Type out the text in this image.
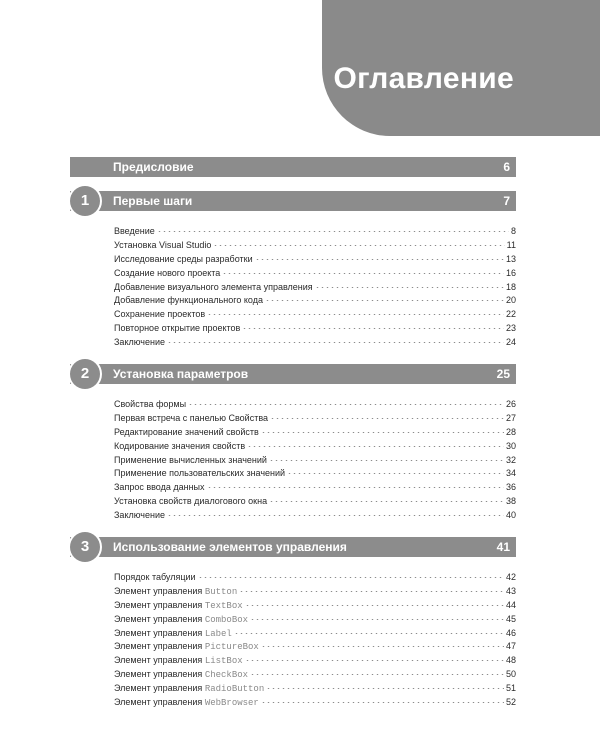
Оглавление
Предисловие	6
1	Первые шаги	7
Введение	8
Установка Visual Studio	11
Исследование среды разработки	13
Создание нового проекта	16
Добавление визуального элемента управления	18
Добавление функционального кода	20
Сохранение проектов	22
Повторное открытие проектов	23
Заключение	24
2	Установка параметров	25
Свойства формы	26
Первая встреча с панелью Свойства	27
Редактирование значений свойств	28
Кодирование значения свойств	30
Применение вычисленных значений	32
Применение пользовательских значений	34
Запрос ввода данных	36
Установка свойств диалогового окна	38
Заключение	40
3	Использование элементов управления	41
Порядок табуляции	42
Элемент управления Button	43
Элемент управления TextBox	44
Элемент управления ComboBox	45
Элемент управления Label	46
Элемент управления PictureBox	47
Элемент управления ListBox	48
Элемент управления CheckBox	50
Элемент управления RadioButton	51
Элемент управления WebBrowser	52
